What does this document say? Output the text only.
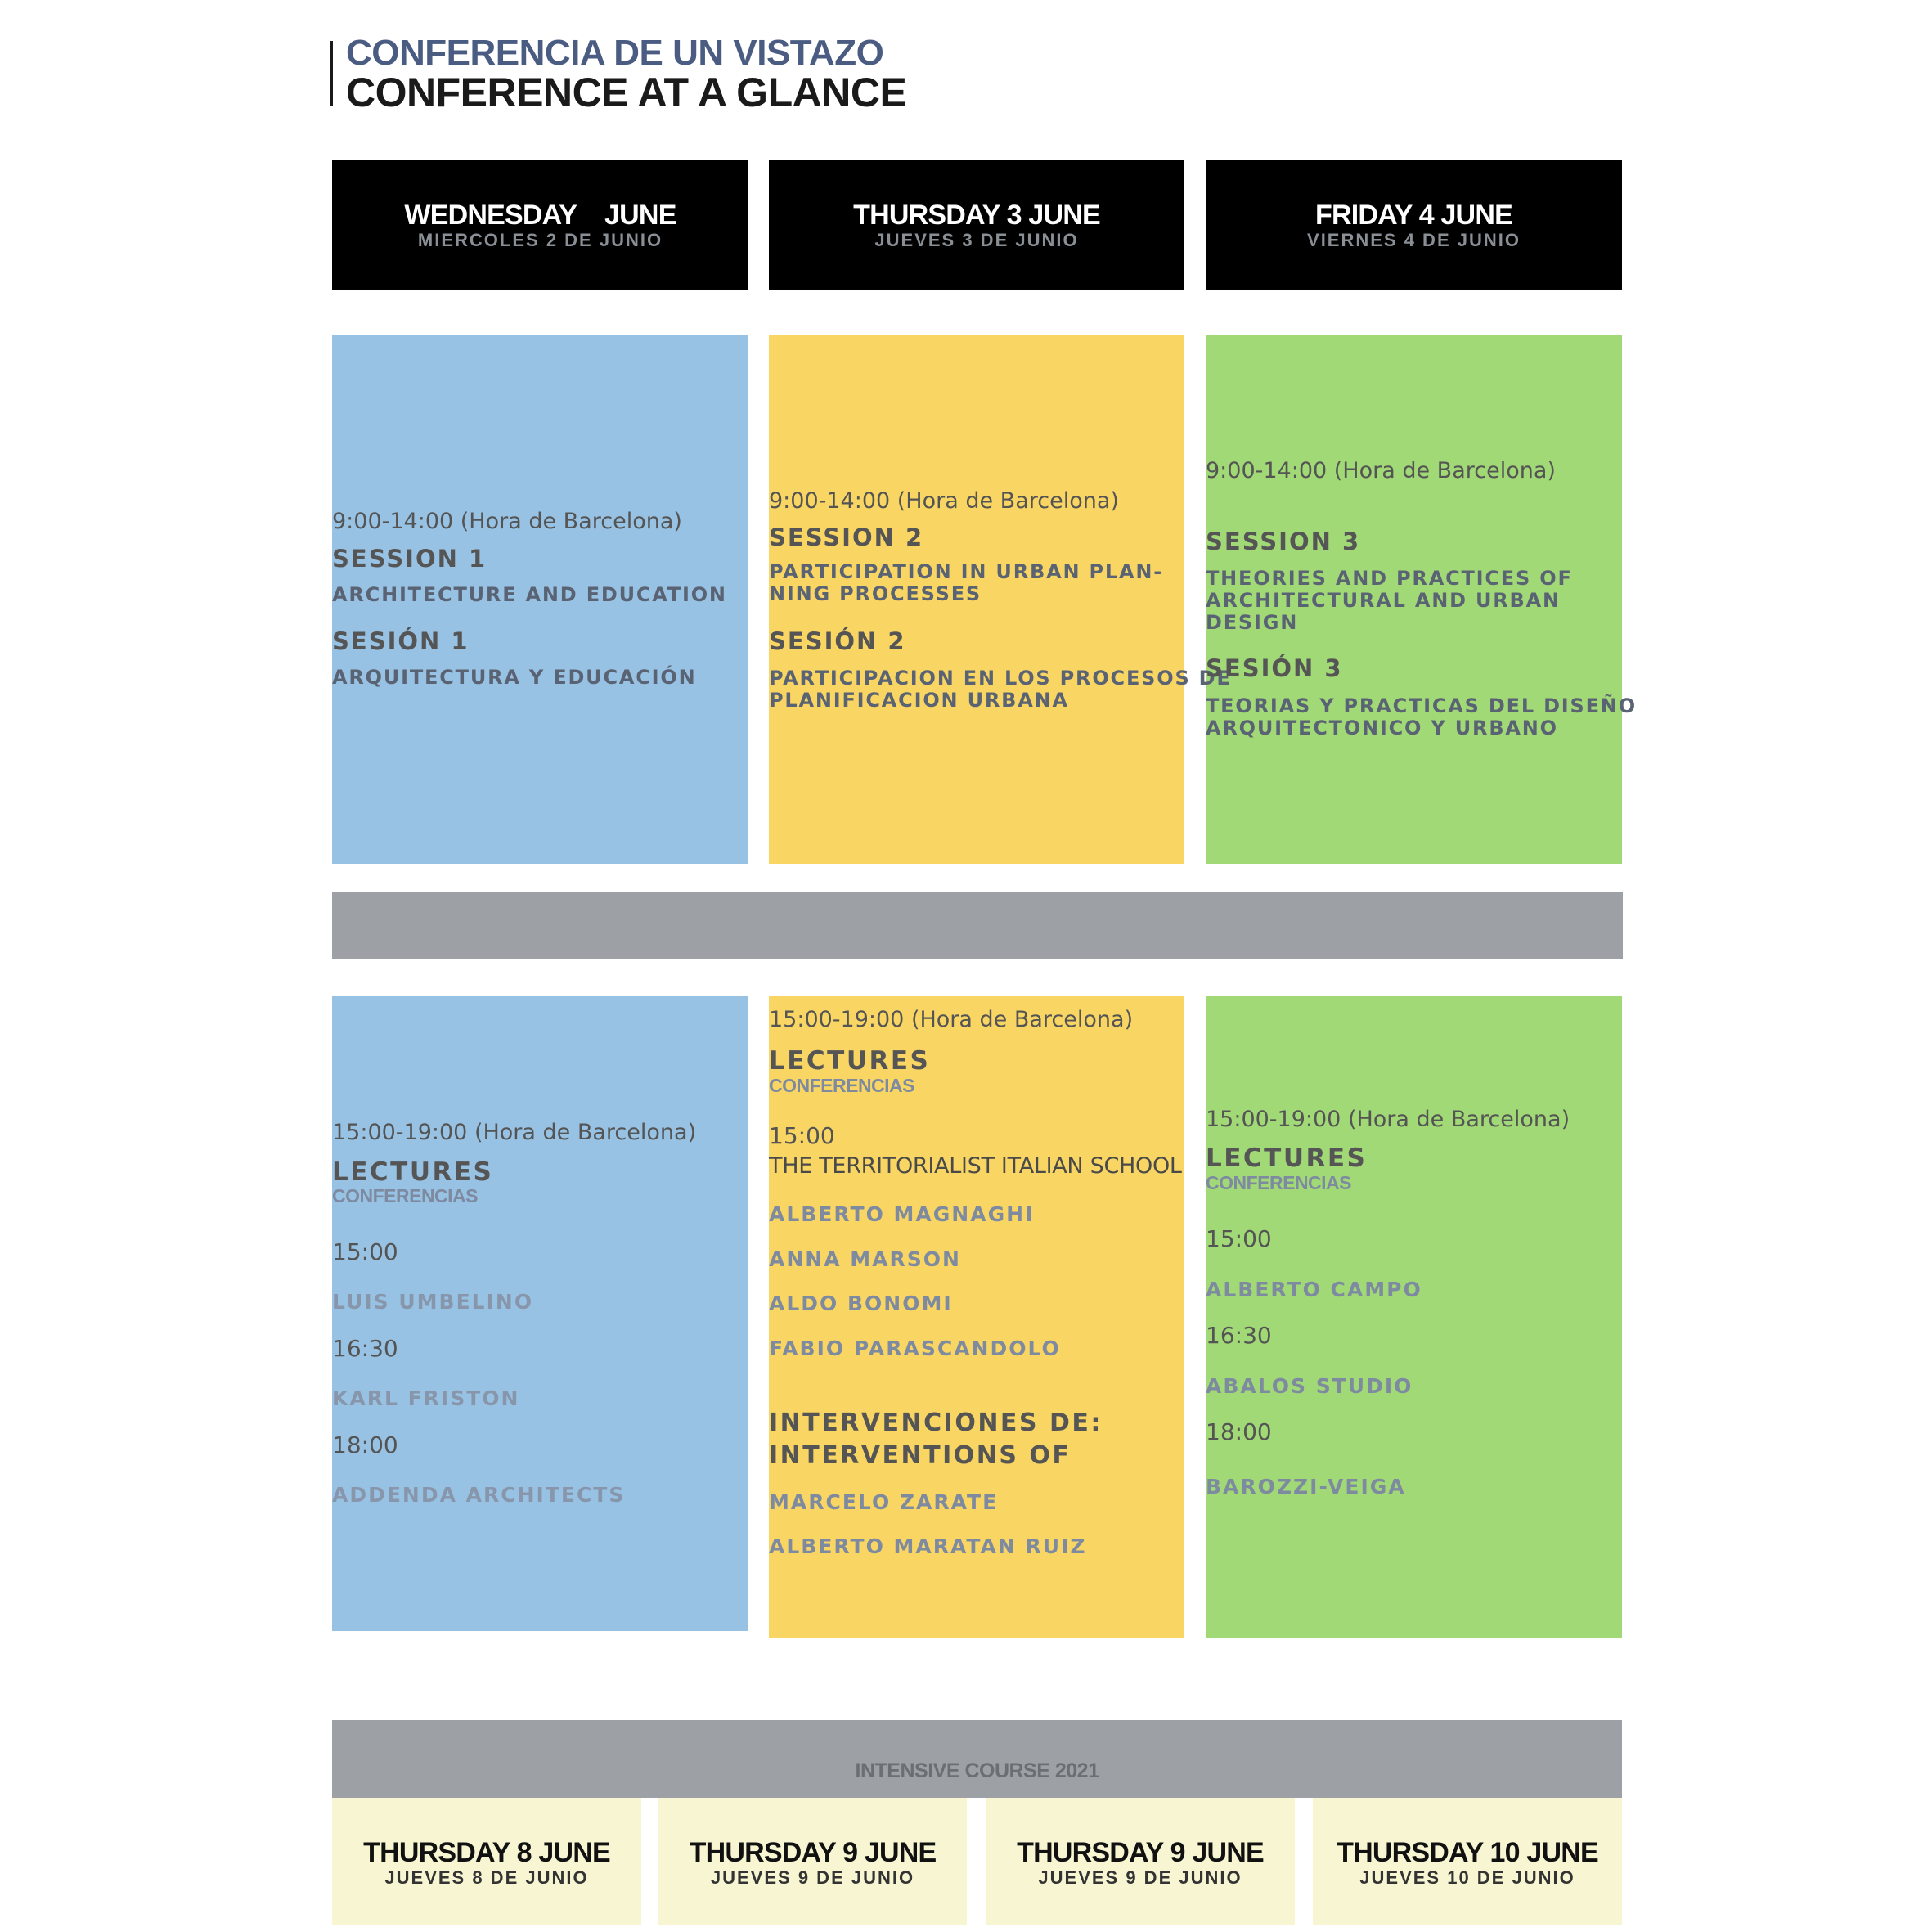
CONFERENCIA DE UN VISTAZO
CONFERENCE AT A GLANCE
WEDNESDAY    JUNE
MIERCOLES 2 DE JUNIO
THURSDAY 3 JUNE
JUEVES 3 DE JUNIO
FRIDAY 4 JUNE
VIERNES 4 DE JUNIO
9:00-14:00 (Hora de Barcelona)
SESSION 1
ARCHITECTURE AND EDUCATION
SESIÓN 1
ARQUITECTURA Y EDUCACIÓN
9:00-14:00 (Hora de Barcelona)
SESSION 2
PARTICIPATION IN URBAN PLAN-
NING PROCESSES
SESIÓN 2
PARTICIPACION EN LOS PROCESOS DE
PLANIFICACION URBANA
9:00-14:00 (Hora de Barcelona)
SESSION 3
THEORIES AND PRACTICES OF
ARCHITECTURAL AND URBAN
DESIGN
SESIÓN 3
TEORIAS Y PRACTICAS DEL DISEÑO
ARQUITECTONICO Y URBANO
15:00-19:00 (Hora de Barcelona)
LECTURES
CONFERENCIAS
15:00
LUIS UMBELINO
16:30
KARL FRISTON
18:00
ADDENDA ARCHITECTS
15:00-19:00 (Hora de Barcelona)
LECTURES
CONFERENCIAS
15:00
THE TERRITORIALIST ITALIAN SCHOOL
ALBERTO MAGNAGHI
ANNA MARSON
ALDO BONOMI
FABIO PARASCANDOLO
INTERVENCIONES DE:
INTERVENTIONS OF
MARCELO ZARATE
ALBERTO MARATAN RUIZ
15:00-19:00 (Hora de Barcelona)
LECTURES
CONFERENCIAS
15:00
ALBERTO CAMPO
16:30
ABALOS STUDIO
18:00
BAROZZI-VEIGA
INTENSIVE COURSE 2021
THURSDAY 8 JUNE
JUEVES 8 DE JUNIO
THURSDAY 9 JUNE
JUEVES 9 DE JUNIO
THURSDAY 9 JUNE
JUEVES 9 DE JUNIO
THURSDAY 10 JUNE
JUEVES 10 DE JUNIO
